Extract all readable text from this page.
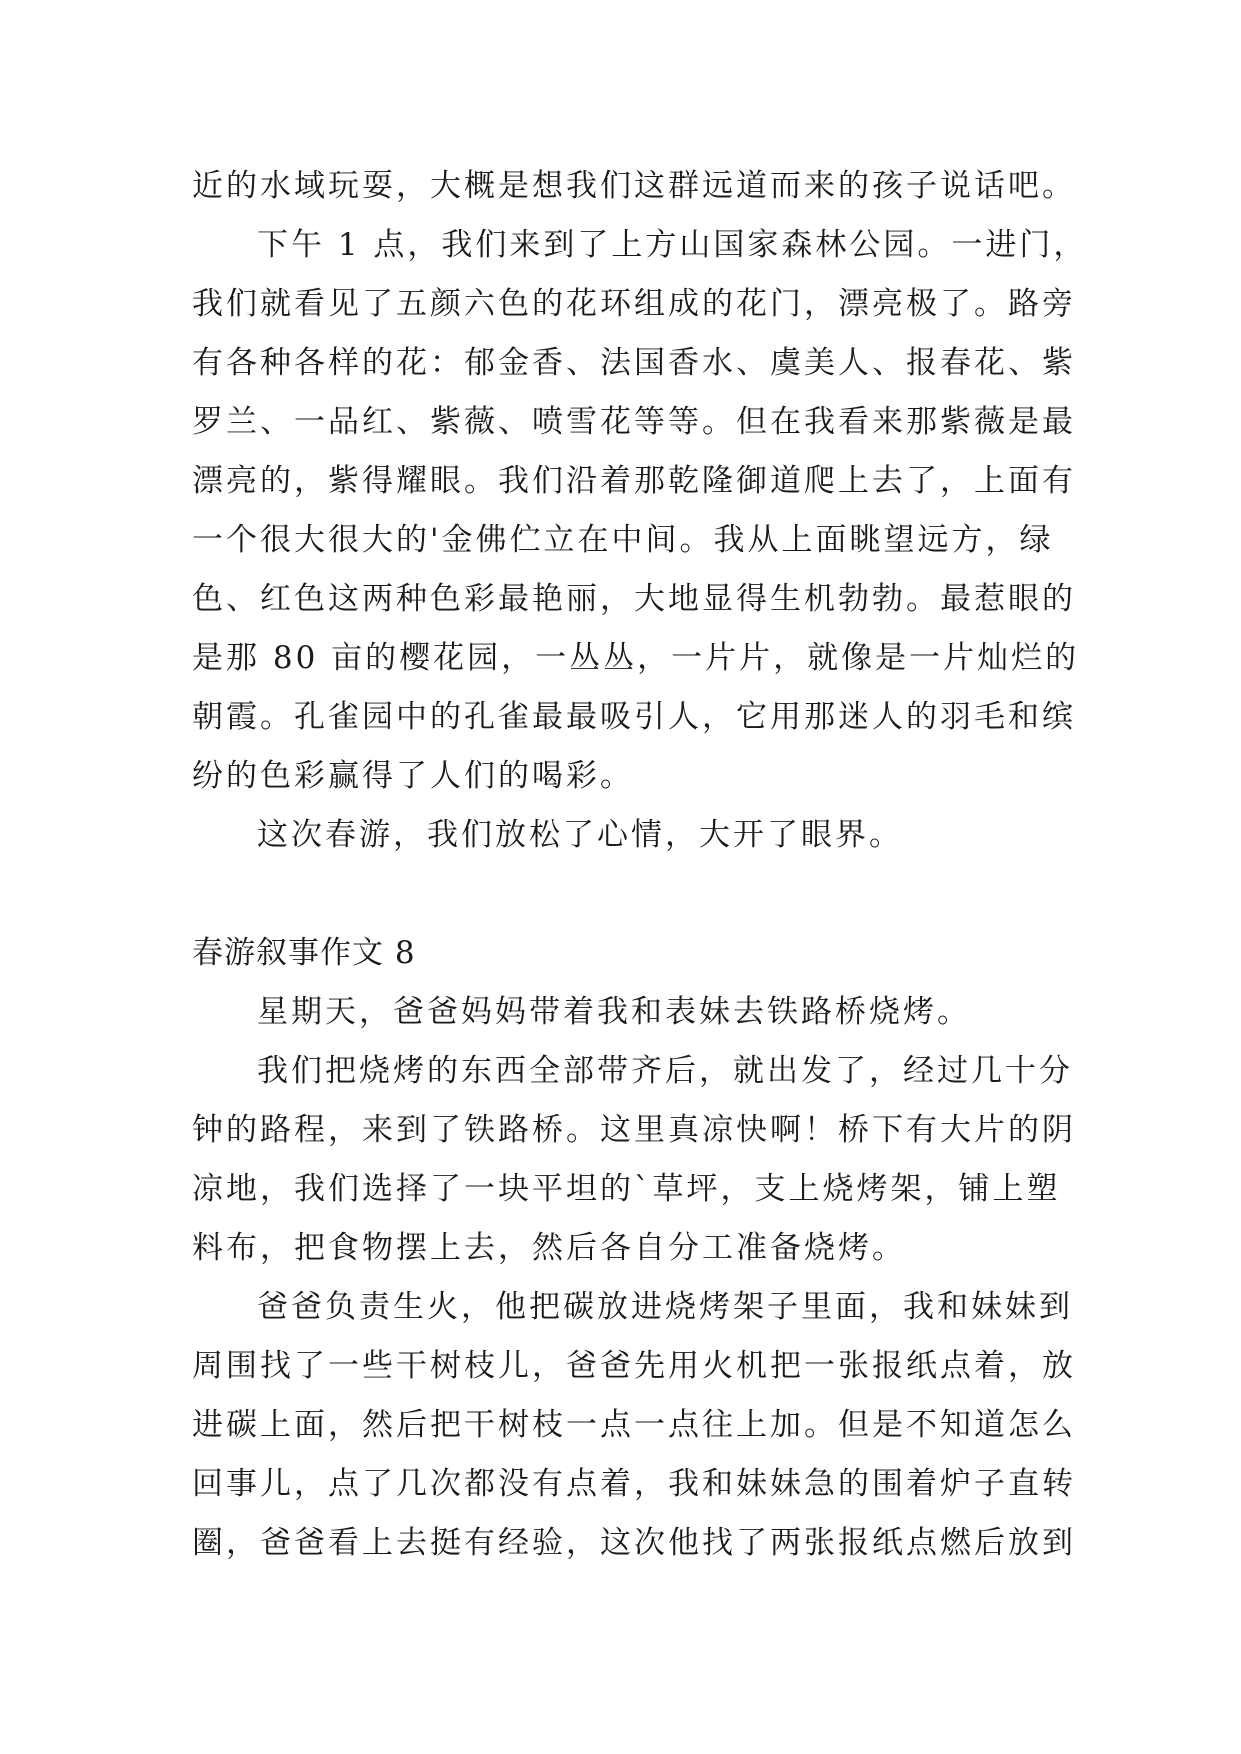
近的水域玩耍，大概是想我们这群远道而来的孩子说话吧。
下午 1 点，我们来到了上方山国家森林公园。一进门，
我们就看见了五颜六色的花环组成的花门，漂亮极了。路旁
有各种各样的花：郁金香、法国香水、虞美人、报春花、紫
罗兰、一品红、紫薇、喷雪花等等。但在我看来那紫薇是最
漂亮的，紫得耀眼。我们沿着那乾隆御道爬上去了，上面有
一个很大很大的'金佛伫立在中间。我从上面眺望远方，绿
色、红色这两种色彩最艳丽，大地显得生机勃勃。最惹眼的
是那 80 亩的樱花园，一丛丛，一片片，就像是一片灿烂的
朝霞。孔雀园中的孔雀最最吸引人，它用那迷人的羽毛和缤
纷的色彩赢得了人们的喝彩。
这次春游，我们放松了心情，大开了眼界。
春游叙事作文 8
星期天，爸爸妈妈带着我和表妹去铁路桥烧烤。
我们把烧烤的东西全部带齐后，就出发了，经过几十分
钟的路程，来到了铁路桥。这里真凉快啊！桥下有大片的阴
凉地，我们选择了一块平坦的`草坪，支上烧烤架，铺上塑
料布，把食物摆上去，然后各自分工准备烧烤。
爸爸负责生火，他把碳放进烧烤架子里面，我和妹妹到
周围找了一些干树枝儿，爸爸先用火机把一张报纸点着，放
进碳上面，然后把干树枝一点一点往上加。但是不知道怎么
回事儿，点了几次都没有点着，我和妹妹急的围着炉子直转
圈，爸爸看上去挺有经验，这次他找了两张报纸点燃后放到
